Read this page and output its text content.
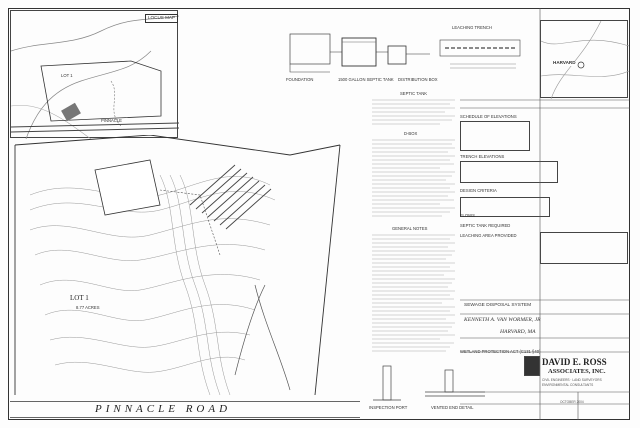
LOCUS MAP
LOT 1
PINNACLE
FOUNDATION	1500 GALLON SEPTIC TANK DISTRIBUTION BOX
LEACHING TRENCH
LOT 1
8.77 ACRES
PINNACLE ROAD
SEPTIC TANK
D-BOX
GENERAL NOTES
INSPECTION PORT	VENTED END DETAIL
HARVARD
SCHEDULE OF ELEVATIONS
TRENCH ELEVATIONS
DESIGN CRITERIA
FLOWS
SEPTIC TANK REQUIRED
LEACHING AREA PROVIDED
SEWAGE DISPOSAL SYSTEM
KENNETH A. VAN WORMER, JR
HARVARD, MA
WETLAND PROTECTION ACT (C131 §40)
DAVID E. ROSS
ASSOCIATES, INC.
CIVIL ENGINEERS · LAND SURVEYORS
ENVIRONMENTAL CONSULTANTS
OCTOBER 2004
